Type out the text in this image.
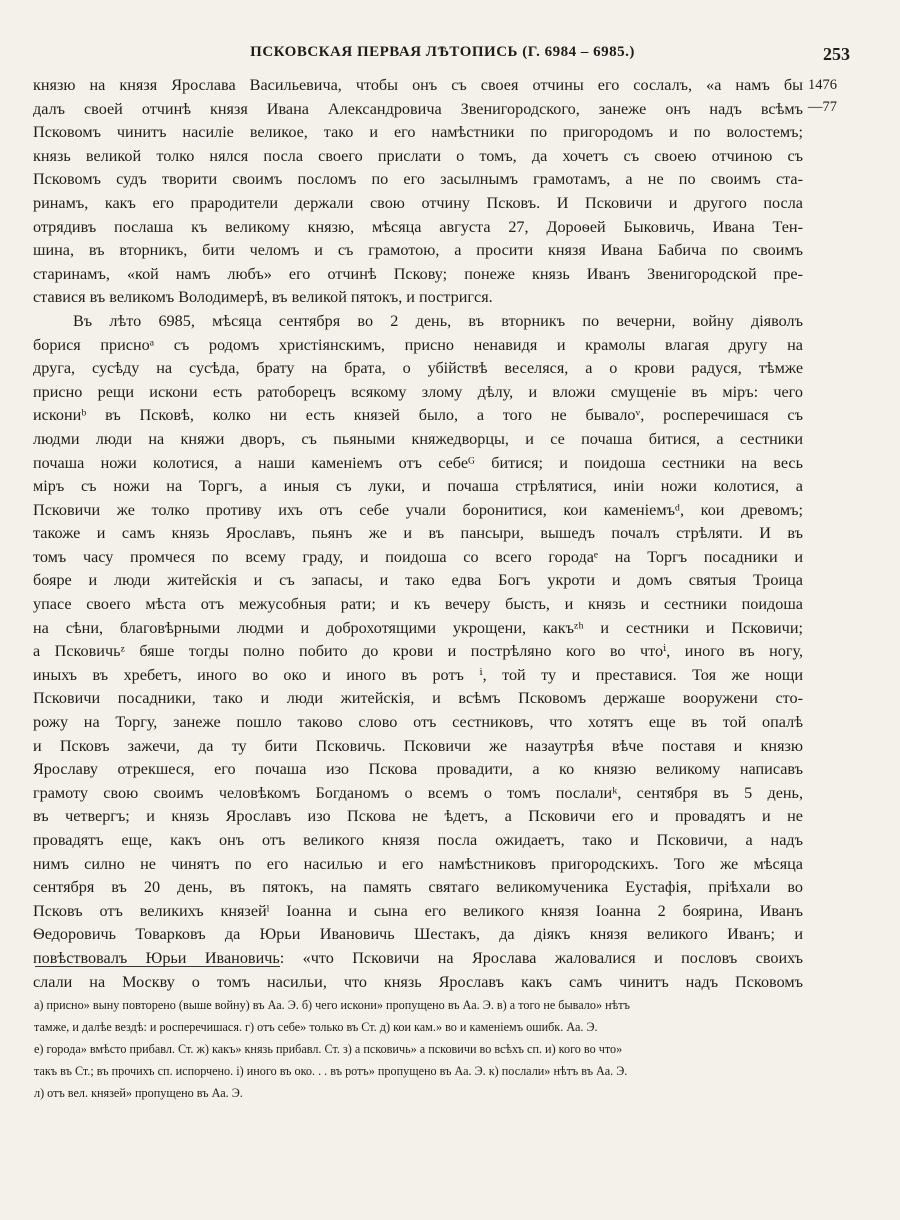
ПСКОВСКАЯ ПЕРВАЯ ЛѢТОПИСЬ (Г. 6984 – 6985.)	253
1476
—77
князю на князя Ярослава Васильевича, чтобы онъ съ своея отчины его сослалъ, «а намъ бы
далъ своей отчинѣ князя Ивана Александровича Звенигородского, занеже онъ надъ всѣмъ
Псковомъ чинитъ насиліе великое, тако и его намѣстники по пригородомъ и по волостемъ;
князь великой толко нялся посла своего прислати о томъ, да хочетъ съ своею отчиною съ
Псковомъ судъ творити своимъ посломъ по его засылнымъ грамотамъ, а не по своимъ ста-
ринамъ, какъ его прародители держали свою отчину Псковъ. И Псковичи и другого посла
отрядивъ послаша къ великому князю, мѣсяца августа 27, Дороѳей Быковичь, Ивана Тен-
шина, въ вторникъ, бити челомъ и съ грамотою, а просити князя Ивана Бабича по своимъ
старинамъ, «кой намъ любъ» его отчинѣ Пскову; понеже князь Иванъ Звенигородской пре-
ставися въ великомъ Володимерѣ, въ великой пятокъ, и постригся.
Въ лѣто 6985, мѣсяца сентября во 2 день, въ вторникъ по вечерни, войну діяволъ
борися присноᵃ съ родомъ христіянскимъ, присно ненавидя и крамолы влагая другу на
друга, сусѣду на сусѣда, брату на брата, о убійствѣ веселяся, а о крови радуся, тѣмже
присно рещи искони есть ратоборецъ всякому злому дѣлу, и вложи смущеніе въ міръ: чего
искониᵇ въ Псковѣ, колко ни есть князей было, а того не бывалоᵛ, росперечишася съ
людми люди на княжи дворъ, съ пьяными княжедворцы, и се почаша битися, а сестники
почаша ножи колотися, а наши каменіемъ отъ себеᴳ битися; и поидоша сестники на весь
міръ съ ножи на Торгъ, а иныя съ луки, и почаша стрѣлятися, иніи ножи колотися, а
Псковичи же толко противу ихъ отъ себе учали боронитися, кои каменіемъᵈ, кои древомъ;
такоже и самъ князь Ярославъ, пьянъ же и въ пансыри, вышедъ почалъ стрѣляти. И въ
томъ часу промчеся по всему граду, и поидоша со всего городаᵉ на Торгъ посадники и
бояре и люди житейскія и съ запасы, и тако едва Богъ укроти и домъ святыя Троица
упасе своего мѣста отъ межусобныя рати; и къ вечеру бысть, и князь и сестники поидоша
на сѣни, благовѣрными людми и доброхотящими укрощени, какъᶻʰ и сестники и Псковичи;
а Псковичьᶻ бяше тогды полно побито до крови и пострѣляно кого во чтоⁱ, иного въ ногу,
иныхъ въ хребетъ, иного во око и иного въ ротъ ⁱ, той ту и преставися. Тоя же нощи
Псковичи посадники, тако и люди житейскія, и всѣмъ Псковомъ держаше вооружени сто-
рожу на Торгу, занеже пошло таково слово отъ сестниковъ, что хотятъ еще въ той опалѣ
и Псковъ зажечи, да ту бити Псковичь. Псковичи же назаутрѣя вѣче поставя и князю
Ярославу отрекшеся, его почаша изо Пскова провадити, а ко князю великому написавъ
грамоту свою своимъ человѣкомъ Богданомъ о всемъ о томъ послалиᵏ, сентября въ 5 день,
въ четвергъ; и князь Ярославъ изо Пскова не ѣдетъ, а Псковичи его и провадятъ и не
провадятъ еще, какъ онъ отъ великого князя посла ожидаетъ, тако и Псковичи, а надъ
нимъ силно не чинятъ по его насилью и его намѣстниковъ пригородскихъ. Того же мѣсяца
сентября въ 20 день, въ пятокъ, на память святаго великомученика Еустафія, пріѣхали во
Псковъ отъ великихъ князейˡ Іоанна и сына его великого князя Іоанна 2 боярина, Иванъ
Ѳедоровичь Товарковъ да Юрьи Ивановичь Шестакъ, да діякъ князя великого Иванъ; и
повѣствовалъ Юрьи Ивановичь: «что Псковичи на Ярослава жаловалися и пословъ своихъ
слали на Москву о томъ насильи, что князь Ярославъ какъ самъ чинитъ надъ Псковомъ
а) присно» выну повторено (выше войну) въ Аа. Э. б) чего искони» пропущено въ Аа. Э. в) а того не бывало» нѣтъ
тамже, и далѣе вездѣ: и росперечишася. г) отъ себе» только въ Ст. д) кои кам.» во и каменіемъ ошибк. Аа. Э.
е) города» вмѣсто прибавл. Ст. ж) какъ» князь прибавл. Ст. з) а псковичь» а псковичи во всѣхъ сп. и) кого во что»
такъ въ Ст.; въ прочихъ сп. испорчено. і) иного въ око. . . въ ротъ» пропущено въ Аа. Э. к) послали» нѣтъ въ Аа. Э.
л) отъ вел. князей» пропущено въ Аа. Э.
